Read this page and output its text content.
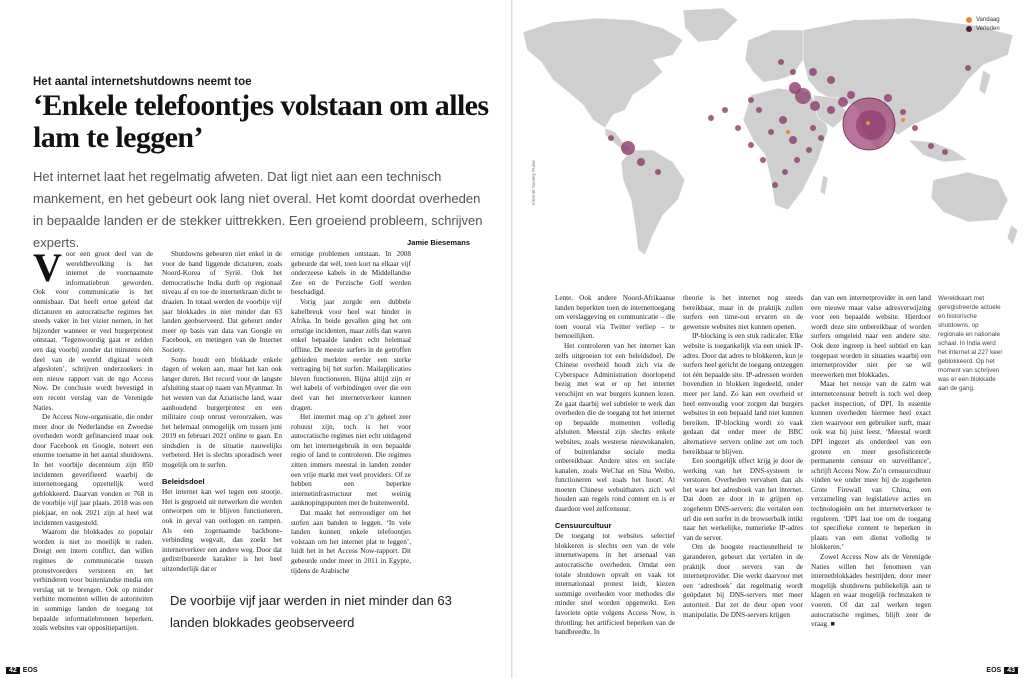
Het aantal internetshutdowns neemt toe
‘Enkele telefoontjes volstaan om alles lam te leggen’
Het internet laat het regelmatig afweten. Dat ligt niet aan een technisch mankement, en het gebeurt ook lang niet overal. Het komt doordat overheden in bepaalde landen er de stekker uittrekken. Een groeiend probleem, schrijven experts.	Jamie Biesemans

Voor een groot deel van de wereldbevolking is het internet de voornaamste informatiebron geworden. Ook voor communicatie is het onmisbaar. Dat heeft ertoe geleid dat dictaturen en autocratische regimes het steeds vaker in het vizier nemen, in het bijzonder wanneer er veel burgerprotest ontstaat. ‘Tegenwoordig gaat er zelden een dag voorbij zonder dat minstens één deel van de wereld digitaal wordt afgesloten’, schrijven onderzoekers in een nieuw rapport van de ngo Access Now. De conclusie wordt bevestigd in een recent verslag van de Verenigde Naties.

De Access Now-organisatie, die onder meer door de Nederlandse en Zweedse overheden wordt gefinancierd maar ook door Facebook en Google, noteert een enorme toename in het aantal shutdowns. In het voorbije decennium zijn 850 incidenten geverifieerd waarbij de internettoegang opzettelijk werd geblokkeerd. Daarvan vonden er 768 in de voorbije vijf jaar plaats. 2018 was een piekjaar, en ook 2021 zijn al heel wat incidenten vastgesteld.

Waarom die blokkades zo populair worden is niet zo moeilijk te raden. Dreigt een intern conflict, dan willen regimes de communicatie tussen protestvoerders verstoren en het verhinderen voor buitenlandse media om verslag uit te brengen. Ook op minder verhitte momenten willen de autoriteiten in sommige landen de toegang tot bepaalde informatiebronnen beperken, zoals websites van oppositiepartijen.

Shutdowns gebeuren niet enkel in de voor de hand liggende dictaturen, zoals Noord-Korea of Syrië. Ook het democratische India durft op regionaal niveau af en toe de internetkraan dicht te draaien. In totaal werden de voorbije vijf jaar blokkades in niet minder dan 63 landen geobserveerd. Dat gebeurt onder meer op basis van data van Google en Facebook, en metingen van de Internet Society.

Soms houdt een blokkade enkele dagen of weken aan, maar het kan ook langer duren. Het record voor de langste afsluiting staat op naam van Myanmar. In het westen van dat Aziatische land, waar aanhoudend burgerprotest en een militaire coup onrust veroorzaken, was het helemaal onmogelijk om tussen juni 2019 en februari 2021 online te gaan. En sindsdien is de situatie nauwelijks verbeterd. Het is slechts sporadisch weer mogelijk om te surfen.

Beleidsdoel

Het internet kan wel tegen een stootje. Het is gegroeid uit netwerken die werden ontworpen om te blijven functioneren, ook in geval van oorlogen en rampen. Als een zogenaamde backbone-verbinding wegvalt, dan zoekt het internetverkeer een andere weg. Door dat gedistribueerde karakter is het heel uitzonderlijk dat er

ernstige problemen ontstaan. In 2008 gebeurde dat wél, toen kort na elkaar vijf onderzeese kabels in de Middellandse Zee en de Perzische Golf werden beschadigd.

Vorig jaar zorgde een dubbele kabelbreuk voor heel wat hinder in Afrika. In beide gevallen ging het om ernstige incidenten, maar zelfs dan waren enkel bepaalde landen echt helemaal offline. De meeste surfers in de getroffen gebieden merkten eerder een sterke vertraging bij het surfen. Mailapplicaties bleven functioneren. Bijna altijd zijn er wel kabels of verbindingen over die een deel van het internetverkeer kunnen dragen.

Het internet mag op z’n geheel zeer robuust zijn, toch is het voor autocratische regimes niet echt uitdagend om het internetgebruik in een bepaalde regio of land te controleren. Die regimes zitten immers meestal in landen zonder een vrije markt met veel providers. Of ze hebben een beperkte internetinfrastructuur met weinig aanknopingspunten met de buitenwereld.

Dat maakt het eenvoudiger om het surfen aan banden te leggen. ‘In vele landen kunnen enkele telefoontjes volstaan om het internet plat te leggen’, luidt het in het Access Now-rapport. Dit gebeurde onder meer in 2011 in Egypte, tijdens de Arabische

De voorbije vijf jaar werden in niet minder dan 63 landen blokkades geobserveerd
42 EOS
Internet Society Pulse
Vandaag
Verleden

Lente. Ook andere Noord-Afrikaanse landen beperkten toen de internettoegang om verslaggeving en communicatie – die toen vooral via Twitter verliep – te bemoeilijken.

Het controleren van het internet kan zelfs uitgroeien tot een beleidsdoel. De Chinese overheid houdt zich via de Cyberspace Administration doorlopend bezig met wat er op het internet verschijnt en wat burgers kunnen lezen. Ze gaat daarbij wel subtieler te werk dan overheden die de toegang tot het internet op bepaalde momenten volledig afsluiten. Meestal zijn slechts enkele websites, zoals westerse nieuwskanalen, of buitenlandse sociale media onbereikbaar. Andere sites en sociale kanalen, zoals WeChat en Sina Weibo, functioneren wel zoals het hoort. Al moeten Chinese webuitbaters zich wel houden aan regels rond content en is er daardoor veel zelfcensuur.

Censuurcultuur

De toegang tot websites selectief blokkeren is slechts een van de vele internetwapens in het arsenaal van autocratische overheden. Omdat een totale shutdown opvalt en vaak tot internationaal protest leidt, kiezen sommige overheden voor methodes die minder snel worden opgemerkt. Een favoriete optie volgens Access Now, is throttling: het artificieel beperken van de bandbreedte. In

theorie is het internet nog steeds bereikbaar, maar in de praktijk zullen surfers een time-out ervaren en de gewenste websites niet kunnen openen.

IP-blocking is een stuk radicaler. Elke website is toegankelijk via een uniek IP-adres. Door dat adres te blokkeren, kun je surfers heel gericht de toegang ontzeggen tot één bepaalde site. IP-adressen worden bovendien in blokken ingedeeld, onder meer per land. Zo kan een overheid er heel eenvoudig voor zorgen dat burgers websites in een bepaald land niet kunnen bereiken. IP-blocking wordt zo vaak gedaan dat onder meer de BBC alternatieve servers online zet om toch bereikbaar te blijven.

Een soortgelijk effect krijg je door de werking van het DNS-systeem te verstoren. Overheden vervalsen dan als het ware het adresboek van het internet. Dat doen ze door in te grijpen op zogeheten DNS-servers: die vertalen een url die een surfer in de browserbalk intikt naar het werkelijke, numerieke IP-adres van de server.

Om de hoogste reactiesnelheid te garanderen, gebeurt dat vertalen in de praktijk door servers van de internetprovider. Die werkt daarvoor met een ‘adresboek’ dat regelmatig wordt geüpdatet bij DNS-servers met meer autoriteit. Dat zet de deur open voor manipulatie. De DNS-servers krijgen

dan van een internetprovider in een land een nieuwe maar valse adresverwijzing voor een bepaalde website. Hierdoor wordt deze site onbereikbaar of worden surfers omgeleid naar een andere site. Ook deze ingreep is heel subtiel en kan toegepast worden in situaties waarbij een internetprovider niet per se wil meewerken met blokkades.

Maar het neusje van de zalm wat internetcensuur betreft is toch wel deep packet inspection, of DPI. In essentie kunnen overheden hiermee heel exact zien waarvoor een gebruiker surft, maar ook wat hij juist leest. ‘Meestal wordt DPI ingezet als onderdeel van een grotere en meer gesofisticeerde permanente censuur en surveillance’, schrijft Access Now. Zo’n censuurcultuur vinden we onder meer bij de zogeheten Grote Firewall van China, een verzameling van legislatieve acties en technologieën om het internetverkeer te reguleren. ‘DPI laat toe om de toegang tot specifieke content te beperken in plaats van een dienst volledig te blokkeren.’

Zowel Access Now als de Verenigde Naties willen het fenomeen van internetblokkades bestrijden, door meer mogelijk shutdowns publiekelijk aan te klagen en waar mogelijk rechtszaken te voeren. Of dat zal werken tegen autocratische regimes, blijft zeer de vraag. ■

Wereldkaart met geregistreerde actuele en historische shutdowns, op regionale en nationale schaal. In India werd het internet al 227 keer geblokkeerd. Op het moment van schrijven was er een blokkade aan de gang.
EOS 43
